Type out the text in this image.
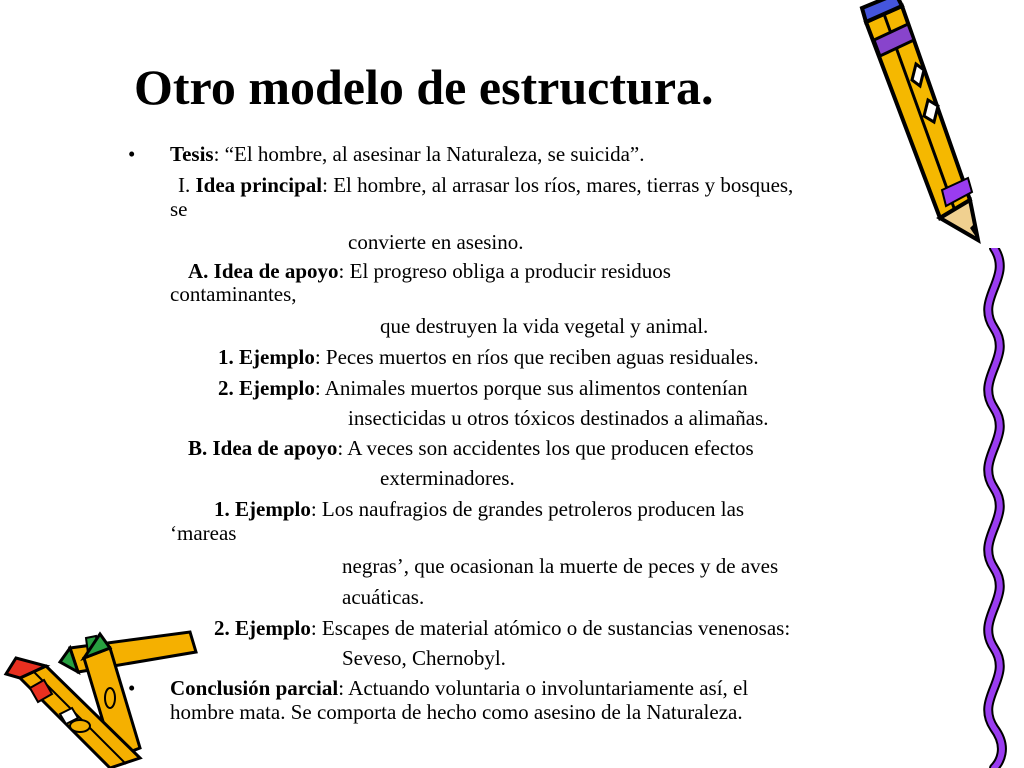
Otro modelo de estructura.
• Tesis: “El hombre, al asesinar la Naturaleza, se suicida”.
I. Idea principal: El hombre, al arrasar los ríos, mares, tierras y bosques,
se
convierte en asesino.
A. Idea de apoyo: El progreso obliga a producir residuos
contaminantes,
que destruyen la vida vegetal y animal.
1. Ejemplo: Peces muertos en ríos que reciben aguas residuales.
2. Ejemplo: Animales muertos porque sus alimentos contenían
insecticidas u otros tóxicos destinados a alimañas.
B. Idea de apoyo: A veces son accidentes los que producen efectos
exterminadores.
1. Ejemplo: Los naufragios de grandes petroleros producen las
‘mareas
negras’, que ocasionan la muerte de peces y de aves
acuáticas.
2. Ejemplo: Escapes de material atómico o de sustancias venenosas:
Seveso, Chernobyl.
• Conclusión parcial: Actuando voluntaria o involuntariamente así, el
hombre mata. Se comporta de hecho como asesino de la Naturaleza.
